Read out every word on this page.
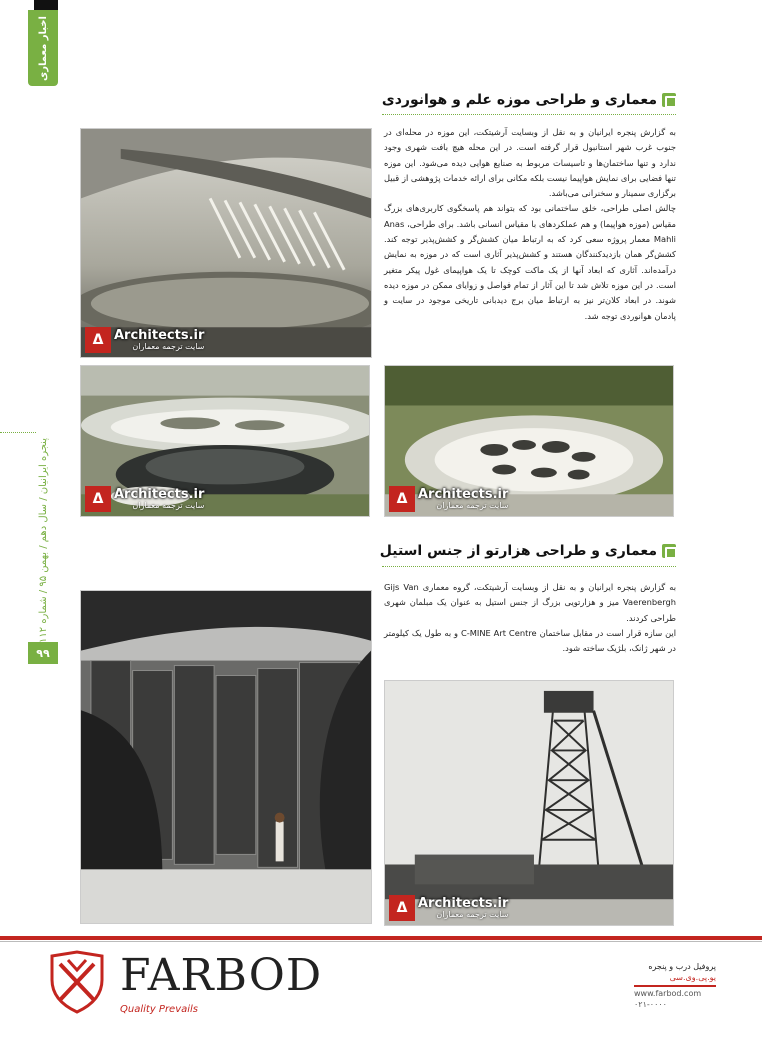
اخبار معماری
پنجره ایرانیان / سال دهم / بهمن ۹۵ / شماره ۱۱۲
۹۹
معماری و طراحی موزه علم و هوانوردی

به گزارش پنجره ایرانیان و به نقل از وبسایت آرشیتکت، این موزه در محله‌ای در جنوب غرب شهر استانبول قرار گرفته است. در این محله هیچ بافت شهری وجود ندارد و تنها ساختمان‌ها و تاسیسات مربوط به صنایع هوایی دیده می‌شود. این موزه تنها فضایی برای نمایش هواپیما نیست بلکه مکانی برای ارائه خدمات پژوهشی از قبیل برگزاری سمینار و سخنرانی می‌باشد.

چالش اصلی طراحی، خلق ساختمانی بود که بتواند هم پاسخگوی کاربری‌های بزرگ مقیاس (موزه هواپیما) و هم عملکردهای با مقیاس انسانی باشد. برای طراحی، Anas Mahli معمار پروژه سعی کرد که به ارتباط میان کشش‌گر و کشش‌پذیر توجه کند. کشش‌گر همان بازدیدکنندگان هستند و کشش‌پذیر آثاری است که در موزه به نمایش درآمده‌اند. آثاری که ابعاد آنها از یک ماکت کوچک تا یک هواپیمای غول پیکر متغیر است. در این موزه تلاش شد تا این آثار از تمام فواصل و زوایای ممکن در موزه دیده شوند. در ابعاد کلان‌تر نیز به ارتباط میان برج دیدبانی تاریخی موجود در سایت و پادمان هوانوردی توجه شد.

Δ Architects.ir
سایت ترجمه معماران
Δ Architects.ir
سایت ترجمه معماران	Δ Architects.ir
سایت ترجمه معماران
معماری و طراحی هزارتو از جنس استیل

به گزارش پنجره ایرانیان و به نقل از وبسایت آرشیتکت، گروه معماری Gijs Van Vaerenbergh میز و هزارتویی بزرگ از جنس استیل به عنوان یک مبلمان شهری طراحی کردند.

این سازه قرار است در مقابل ساختمان C-MINE Art Centre و به طول یک کیلومتر در شهر ژانک، بلژیک ساخته شود.

Δ Architects.ir
سایت ترجمه معماران
FARBOD
Quality Prevails
پروفیل درب و پنجره
یو.پی.وی.سی
www.farbod.com
۰۲۱-۰۰۰۰
